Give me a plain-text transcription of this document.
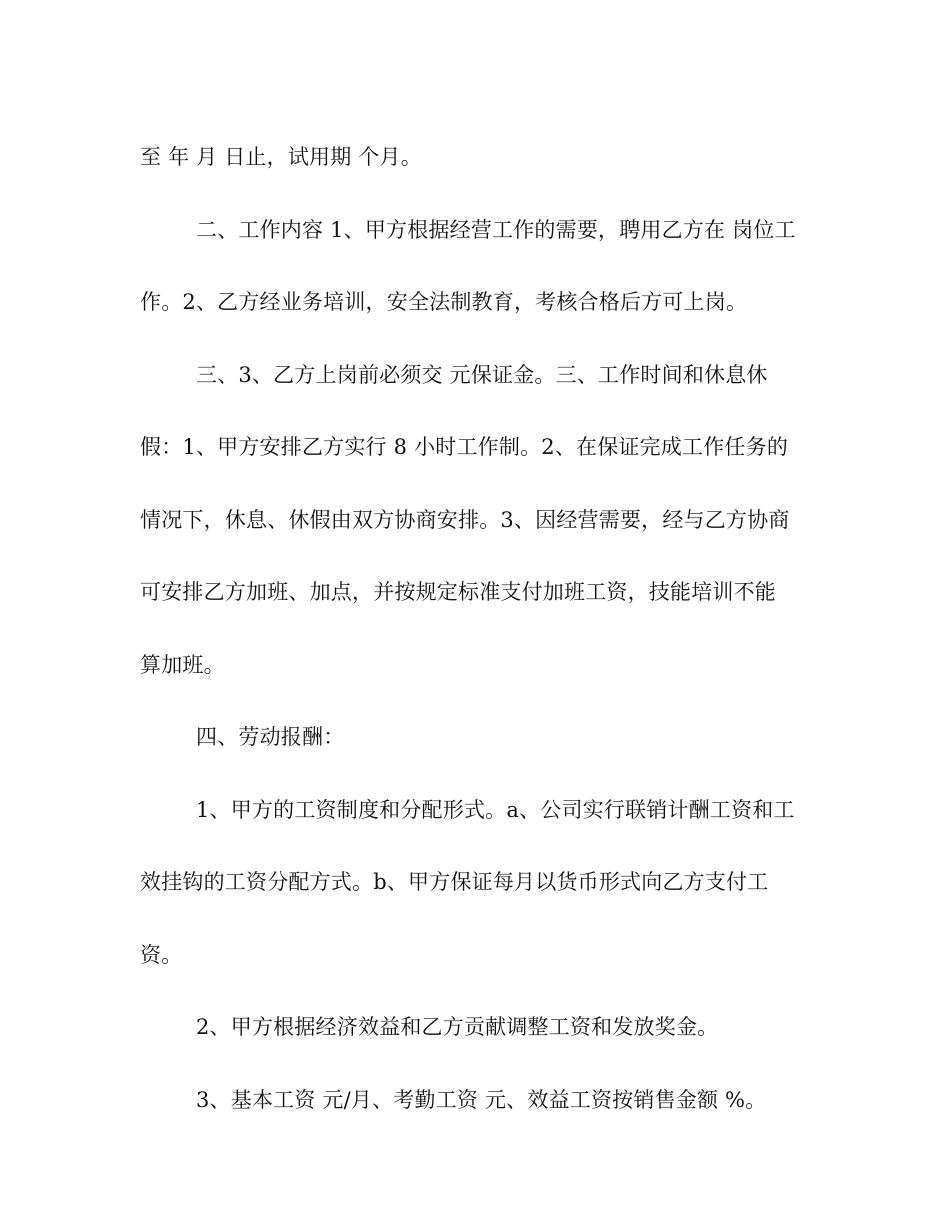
至 年 月 日止，试用期 个月。
二、工作内容 1、甲方根据经营工作的需要，聘用乙方在 岗位工
作。2、乙方经业务培训，安全法制教育，考核合格后方可上岗。
三、3、乙方上岗前必须交 元保证金。三、工作时间和休息休
假：1、甲方安排乙方实行 8 小时工作制。2、在保证完成工作任务的
情况下，休息、休假由双方协商安排。3、因经营需要，经与乙方协商
可安排乙方加班、加点，并按规定标准支付加班工资，技能培训不能
算加班。
四、劳动报酬：
1、甲方的工资制度和分配形式。a、公司实行联销计酬工资和工
效挂钩的工资分配方式。b、甲方保证每月以货币形式向乙方支付工
资。
2、甲方根据经济效益和乙方贡献调整工资和发放奖金。
3、基本工资 元/月、考勤工资 元、效益工资按销售金额 %。
